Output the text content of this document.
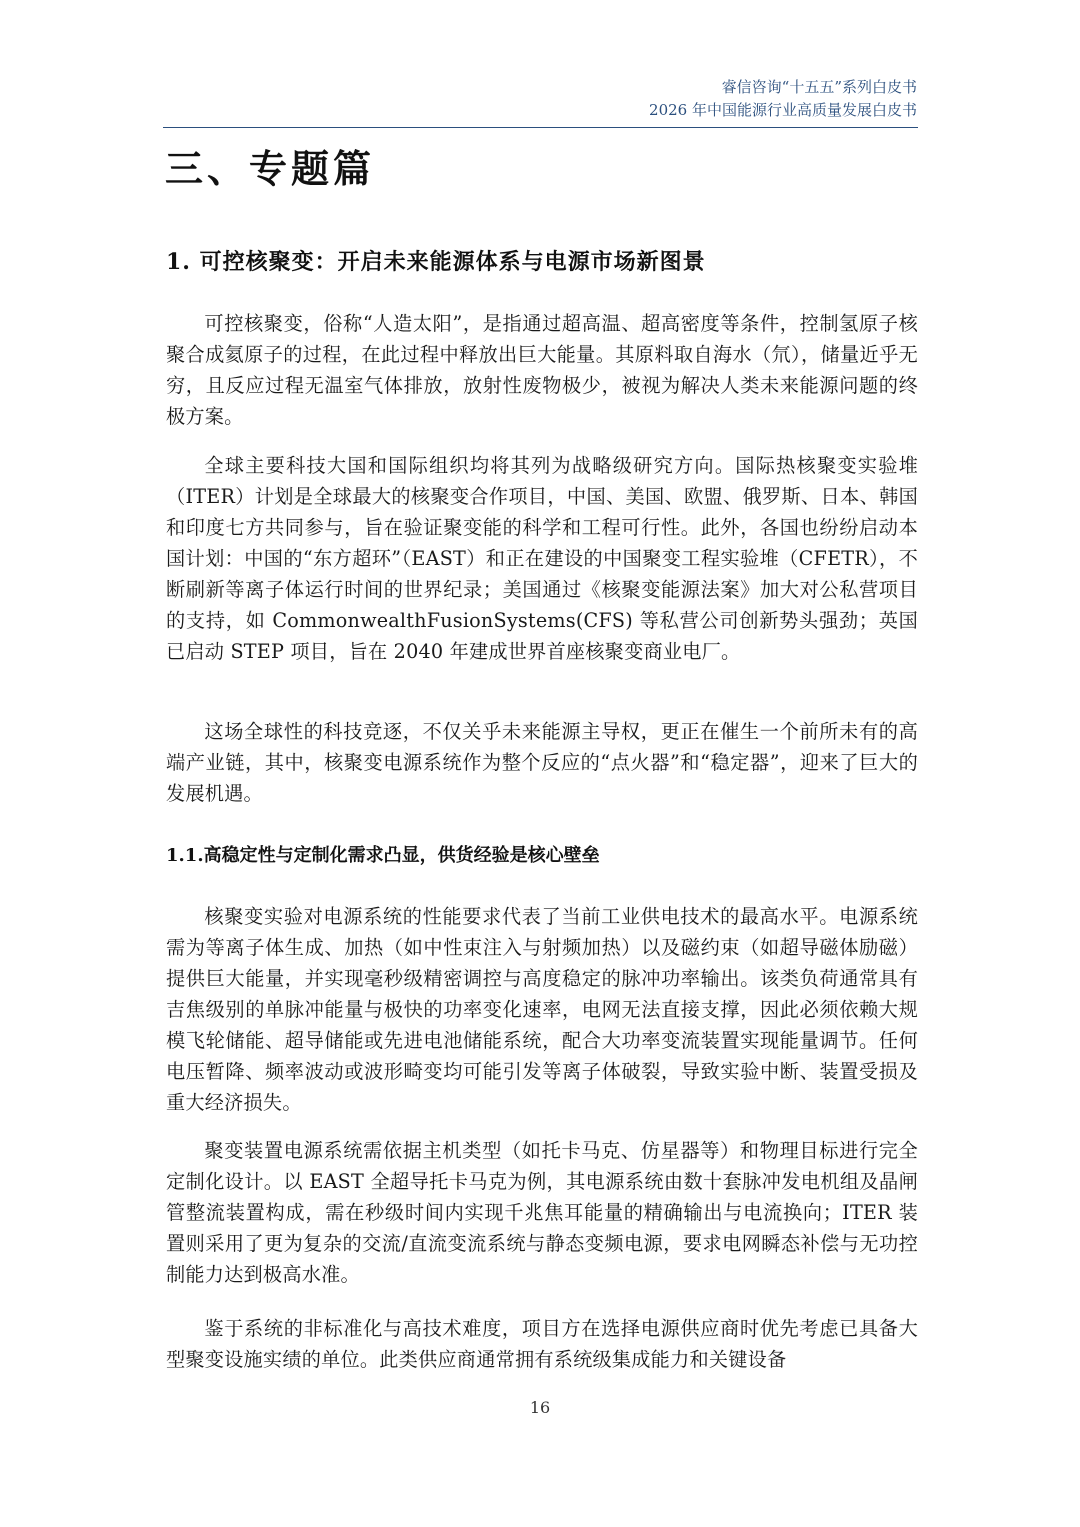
睿信咨询“十五五”系列白皮书
2026 年中国能源行业高质量发展白皮书
三、专题篇
1. 可控核聚变：开启未来能源体系与电源市场新图景

可控核聚变，俗称“人造太阳”，是指通过超高温、超高密度等条件，控制氢原子核聚合成氦原子的过程，在此过程中释放出巨大能量。其原料取自海水（氘），储量近乎无穷，且反应过程无温室气体排放，放射性废物极少，被视为解决人类未来能源问题的终极方案。

全球主要科技大国和国际组织均将其列为战略级研究方向。国际热核聚变实验堆（ITER）计划是全球最大的核聚变合作项目，中国、美国、欧盟、俄罗斯、日本、韩国和印度七方共同参与，旨在验证聚变能的科学和工程可行性。此外，各国也纷纷启动本国计划：中国的“东方超环”（EAST）和正在建设的中国聚变工程实验堆（CFETR），不断刷新等离子体运行时间的世界纪录；美国通过《核聚变能源法案》加大对公私营项目的支持，如 CommonwealthFusionSystems(CFS) 等私营公司创新势头强劲；英国已启动 STEP 项目，旨在 2040 年建成世界首座核聚变商业电厂。

这场全球性的科技竞逐，不仅关乎未来能源主导权，更正在催生一个前所未有的高端产业链，其中，核聚变电源系统作为整个反应的“点火器”和“稳定器”，迎来了巨大的发展机遇。

1.1.高稳定性与定制化需求凸显，供货经验是核心壁垒

核聚变实验对电源系统的性能要求代表了当前工业供电技术的最高水平。电源系统需为等离子体生成、加热（如中性束注入与射频加热）以及磁约束（如超导磁体励磁）提供巨大能量，并实现毫秒级精密调控与高度稳定的脉冲功率输出。该类负荷通常具有吉焦级别的单脉冲能量与极快的功率变化速率，电网无法直接支撑，因此必须依赖大规模飞轮储能、超导储能或先进电池储能系统，配合大功率变流装置实现能量调节。任何电压暂降、频率波动或波形畸变均可能引发等离子体破裂，导致实验中断、装置受损及重大经济损失。

聚变装置电源系统需依据主机类型（如托卡马克、仿星器等）和物理目标进行完全定制化设计。以 EAST 全超导托卡马克为例，其电源系统由数十套脉冲发电机组及晶闸管整流装置构成，需在秒级时间内实现千兆焦耳能量的精确输出与电流换向；ITER 装置则采用了更为复杂的交流/直流变流系统与静态变频电源，要求电网瞬态补偿与无功控制能力达到极高水准。

鉴于系统的非标准化与高技术难度，项目方在选择电源供应商时优先考虑已具备大型聚变设施实绩的单位。此类供应商通常拥有系统级集成能力和关键设备

16
